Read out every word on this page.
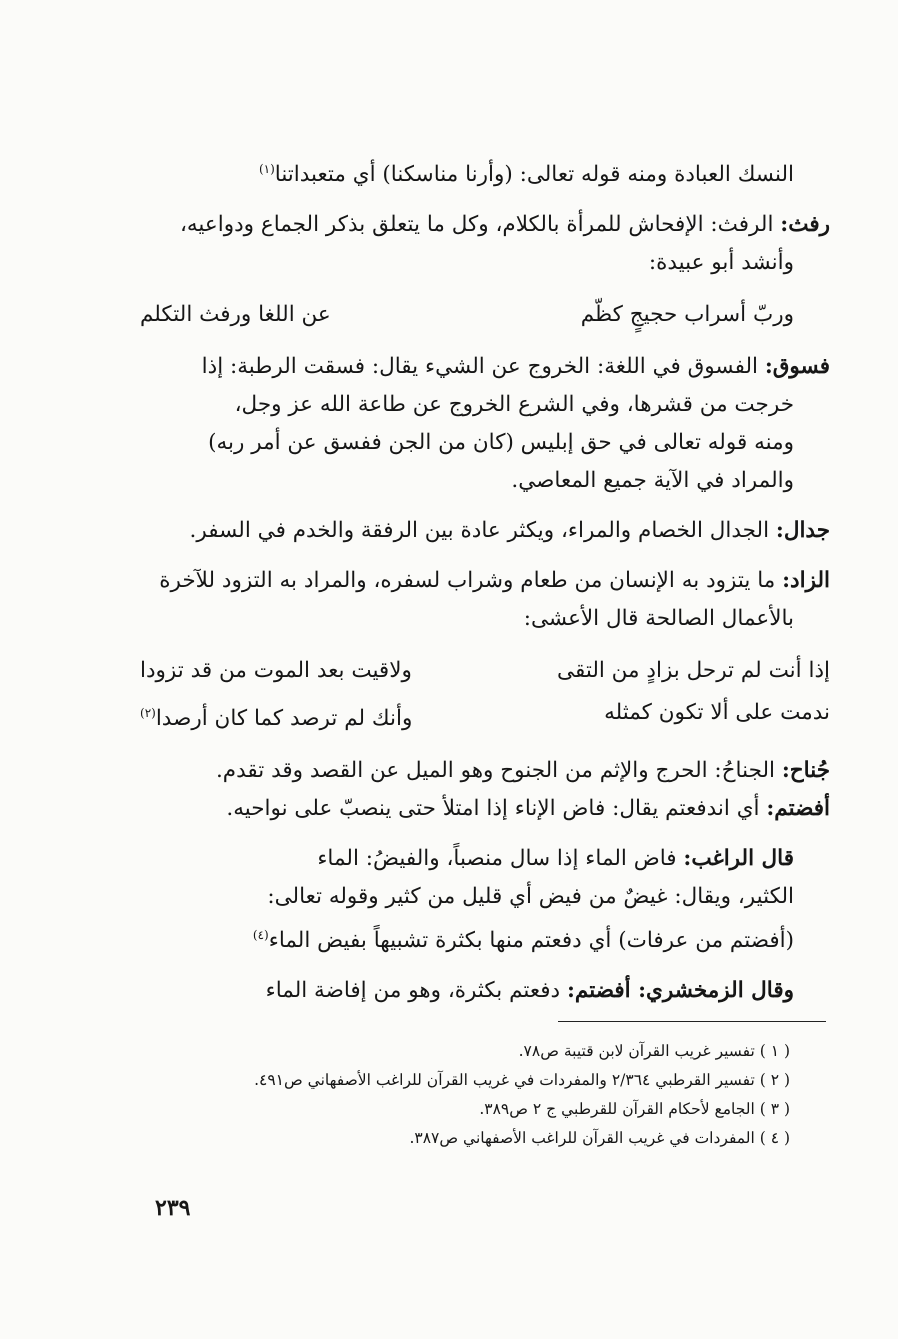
النسك العبادة ومنه قوله تعالى: (وأرنا مناسكنا) أي متعبداتنا$^{(١)}$
رفث: الرفث: الإفحاش للمرأة بالكلام، وكل ما يتعلق بذكر الجماع ودواعيه،
وأنشد أبو عبيدة:
وربّ أسراب حجيجٍ كظّم
عن اللغا ورفث التكلم
فسوق: الفسوق في اللغة: الخروج عن الشيء يقال: فسقت الرطبة: إذا
خرجت من قشرها، وفي الشرع الخروج عن طاعة الله عز وجل،
ومنه قوله تعالى في حق إبليس (كان من الجن ففسق عن أمر ربه)
والمراد في الآية جميع المعاصي.
جدال: الجدال الخصام والمراء، ويكثر عادة بين الرفقة والخدم في السفر.
الزاد: ما يتزود به الإنسان من طعام وشراب لسفره، والمراد به التزود للآخرة
بالأعمال الصالحة قال الأعشى:
إذا أنت لم ترحل بزادٍ من التقى
ولاقيت بعد الموت من قد تزودا
ندمت على ألا تكون كمثله
وأنك لم ترصد كما كان أرصدا$^{(٢)}$
جُناح: الجناحُ: الحرج والإثم من الجنوح وهو الميل عن القصد وقد تقدم.
أفضتم: أي اندفعتم يقال: فاض الإناء إذا امتلأ حتى ينصبّ على نواحيه.
قال الراغب: فاض الماء إذا سال منصباً، والفيضُ: الماء
الكثير، ويقال: غيضٌ من فيض أي قليل من كثير وقوله تعالى:
(أفضتم من عرفات) أي دفعتم منها بكثرة تشبيهاً بفيض الماء$^{(٤)}$
وقال الزمخشري: أفضتم: دفعتم بكثرة، وهو من إفاضة الماء
( ١ ) تفسير غريب القرآن لابن قتيبة ص٧٨.
( ٢ ) تفسير القرطبي ٢/٣٦٤ والمفردات في غريب القرآن للراغب الأصفهاني ص٤٩١.
( ٣ ) الجامع لأحكام القرآن للقرطبي ج ٢ ص٣٨٩.
( ٤ ) المفردات في غريب القرآن للراغب الأصفهاني ص٣٨٧.
٢٣٩
